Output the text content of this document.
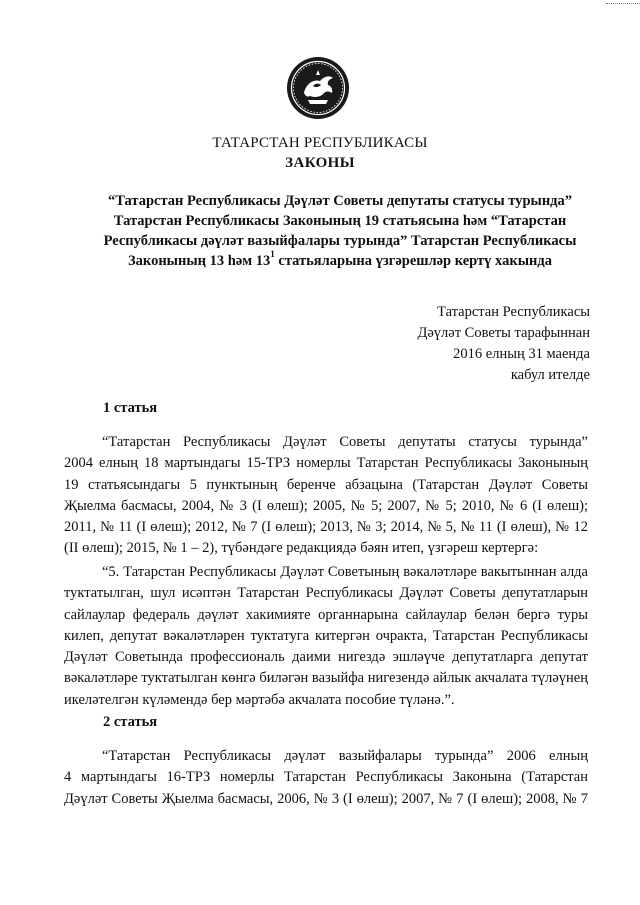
ТАТАРСТАН РЕСПУБЛИКАСЫ
ЗАКОНЫ

“Татарстан Республикасы Дәүләт Советы депутаты статусы турында”

Татарстан Республикасы Законының 19 статьясына һәм “Татарстан

Республикасы дәүләт вазыйфалары турында” Татарстан Республикасы

Законының 13 һәм $13^1$ статьяларына үзгәрешләр кертү хакында

Татарстан Республикасы

Дәүләт Советы тарафыннан

2016 елның 31 маенда

кабул ителде

1 статья
“Татарстан Республикасы Дәүләт Советы депутаты статусы турында”
2004 елның 18 мартындагы 15-ТРЗ номерлы Татарстан Республикасы Законының
19 статьясындагы 5 пунктының беренче абзацына (Татарстан Дәүләт Советы
Җыелма басмасы, 2004, № 3 (I өлеш); 2005, № 5; 2007, № 5; 2010, № 6 (I өлеш);
2011, № 11 (I өлеш); 2012, № 7 (I өлеш); 2013, № 3; 2014, № 5, № 11 (I өлеш), № 12
(II өлеш); 2015, № 1 – 2), түбәндәге редакциядә бәян итеп, үзгәреш кертергә:
“5. Татарстан Республикасы Дәүләт Советының вәкаләтләре вакытыннан алда
туктатылган, шул исәптән Татарстан Республикасы Дәүләт Советы депутатларын
сайлаулар федераль дәүләт хакимияте органнарына сайлаулар белән бергә туры
килеп, депутат вәкаләтләрен туктатуга китергән очракта, Татарстан Республикасы
Дәүләт Советында профессиональ даими нигездә эшләүче депутатларга депутат
вәкаләтләре туктатылган көнгә биләгән вазыйфа нигезендә айлык акчалата түләүнең
икеләтелгән күләмендә бер мәртәбә акчалата пособие түләнә.”.
2 статья
“Татарстан Республикасы дәүләт вазыйфалары турында” 2006 елның
4 мартындагы 16-ТРЗ номерлы Татарстан Республикасы Законына (Татарстан
Дәүләт Советы Җыелма басмасы, 2006, № 3 (I өлеш); 2007, № 7 (I өлеш); 2008, № 7
